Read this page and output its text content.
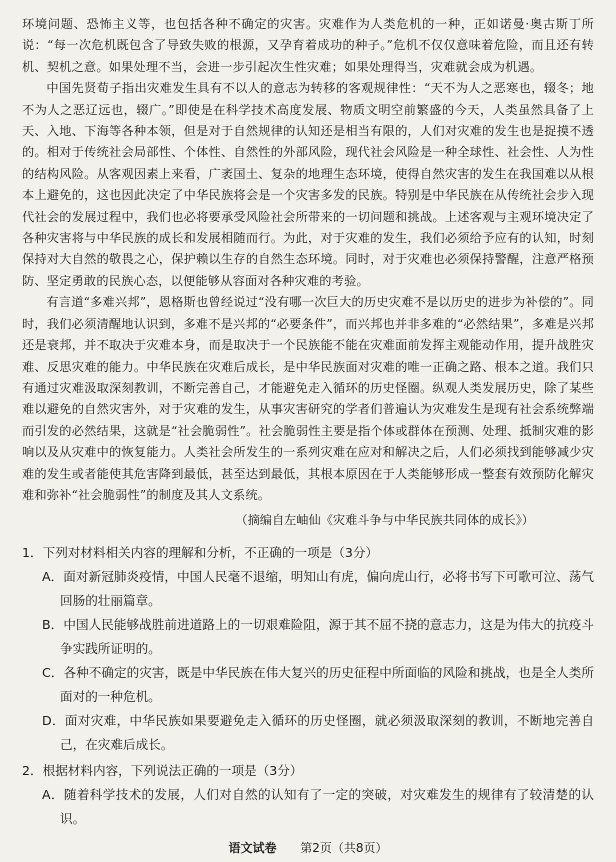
环境问题、恐怖主义等，也包括各种不确定的灾害。灾难作为人类危机的一种，正如诺曼·奥古斯丁所说：“每一次危机既包含了导致失败的根源，又孕育着成功的种子。”危机不仅仅意味着危险，而且还有转机、契机之意。如果处理不当，会进一步引起次生性灾难；如果处理得当，灾难就会成为机遇。

中国先贤荀子指出灾难发生具有不以人的意志为转移的客观规律性：“天不为人之恶寒也，辍冬；地不为人之恶辽远也，辍广。”即使是在科学技术高度发展、物质文明空前繁盛的今天，人类虽然具备了上天、入地、下海等各种本领，但是对于自然规律的认知还是相当有限的，人们对灾难的发生也是捉摸不透的。相对于传统社会局部性、个体性、自然性的外部风险，现代社会风险是一种全球性、社会性、人为性的结构风险。从客观因素上来看，广袤国土、复杂的地理生态环境，使得自然灾害的发生在我国难以从根本上避免的，这也因此决定了中华民族将会是一个灾害多发的民族。特别是中华民族在从传统社会步入现代社会的发展过程中，我们也必将要承受风险社会所带来的一切问题和挑战。上述客观与主观环境决定了各种灾害将与中华民族的成长和发展相随而行。为此，对于灾难的发生，我们必须给予应有的认知，时刻保持对大自然的敬畏之心，保护赖以生存的自然生态环境。同时，对于灾难也必须保持警醒，注意严格预防、坚定勇敢的民族心态，以便能够从容面对各种灾难的考验。

有言道“多难兴邦”，恩格斯也曾经说过“没有哪一次巨大的历史灾难不是以历史的进步为补偿的”。同时，我们必须清醒地认识到，多难不是兴邦的“必要条件”，而兴邦也并非多难的“必然结果”，多难是兴邦还是衰邦，并不取决于灾难本身，而是取决于一个民族能不能在灾难面前发挥主观能动作用，提升战胜灾难、反思灾难的能力。中华民族在灾难后成长，是中华民族面对灾难的唯一正确之路、根本之道。我们只有通过灾难汲取深刻教训，不断完善自己，才能避免走入循环的历史怪圈。纵观人类发展历史，除了某些难以避免的自然灾害外，对于灾难的发生，从事灾害研究的学者们普遍认为灾难发生是现有社会系统弊端而引发的必然结果，这就是“社会脆弱性”。社会脆弱性主要是指个体或群体在预测、处理、抵制灾难的影响以及从灾难中的恢复能力。人类社会所发生的一系列灾难在应对和解决之后，人们必须找到能够减少灾难的发生或者能使其危害降到最低，甚至达到最低，其根本原因在于人类能够形成一整套有效预防化解灾难和弥补“社会脆弱性”的制度及其人文系统。

（摘编自左岫仙《灾难斗争与中华民族共同体的成长》）

1．下列对材料相关内容的理解和分析，不正确的一项是（3分）

A．面对新冠肺炎疫情，中国人民毫不退缩，明知山有虎，偏向虎山行，必将书写下可歌可泣、荡气回肠的壮丽篇章。

B．中国人民能够战胜前进道路上的一切艰难险阻，源于其不屈不挠的意志力，这是为伟大的抗疫斗争实践所证明的。

C．各种不确定的灾害，既是中华民族在伟大复兴的历史征程中所面临的风险和挑战，也是全人类所面对的一种危机。

D．面对灾难，中华民族如果要避免走入循环的历史怪圈，就必须汲取深刻的教训，不断地完善自己，在灾难后成长。

2．根据材料内容，下列说法正确的一项是（3分）

A．随着科学技术的发展，人们对自然的认知有了一定的突破，对灾难发生的规律有了较清楚的认识。

语文试卷 第2页（共8页）
